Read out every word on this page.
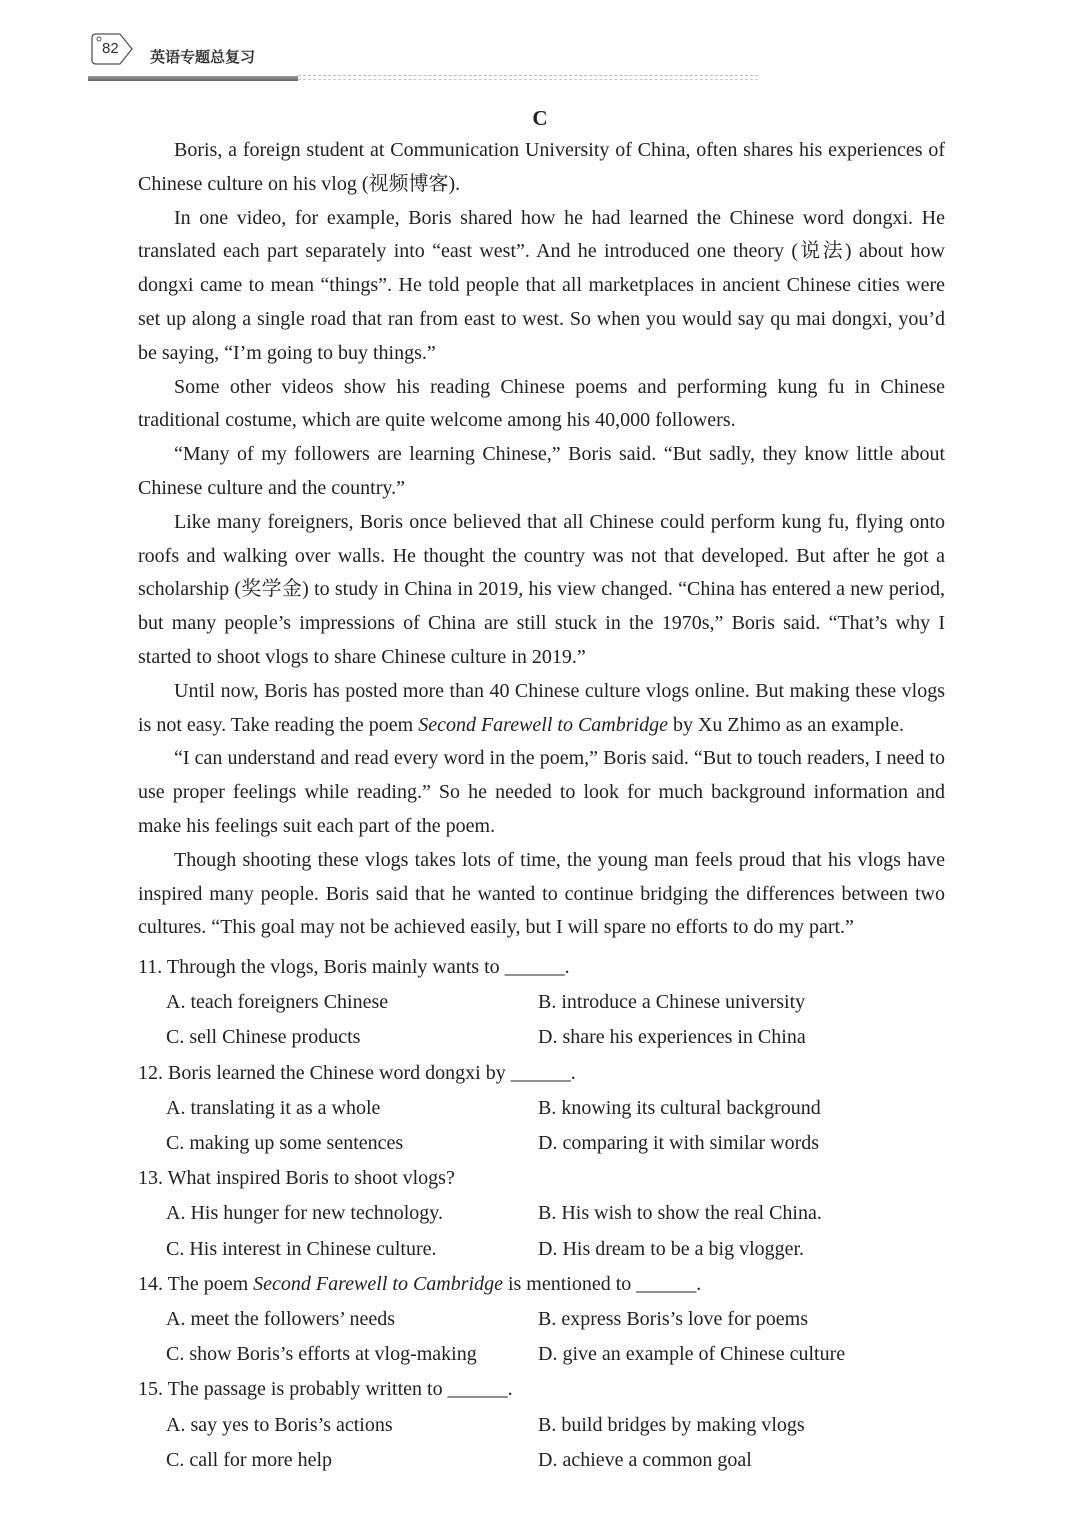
82 英语专题总复习
C

Boris, a foreign student at Communication University of China, often shares his experiences of Chinese culture on his vlog (视频博客).

In one video, for example, Boris shared how he had learned the Chinese word dongxi. He translated each part separately into “east west”. And he introduced one theory (说法) about how dongxi came to mean “things”. He told people that all marketplaces in ancient Chinese cities were set up along a single road that ran from east to west. So when you would say qu mai dongxi, you’d be saying, “I’m going to buy things.”

Some other videos show his reading Chinese poems and performing kung fu in Chinese traditional costume, which are quite welcome among his 40,000 followers.

“Many of my followers are learning Chinese,” Boris said. “But sadly, they know little about Chinese culture and the country.”

Like many foreigners, Boris once believed that all Chinese could perform kung fu, flying onto roofs and walking over walls. He thought the country was not that developed. But after he got a scholarship (奖学金) to study in China in 2019, his view changed. “China has entered a new period, but many people’s impressions of China are still stuck in the 1970s,” Boris said. “That’s why I started to shoot vlogs to share Chinese culture in 2019.”

Until now, Boris has posted more than 40 Chinese culture vlogs online. But making these vlogs is not easy. Take reading the poem Second Farewell to Cambridge by Xu Zhimo as an example.

“I can understand and read every word in the poem,” Boris said. “But to touch readers, I need to use proper feelings while reading.” So he needed to look for much background information and make his feelings suit each part of the poem.

Though shooting these vlogs takes lots of time, the young man feels proud that his vlogs have inspired many people. Boris said that he wanted to continue bridging the differences between two cultures. “This goal may not be achieved easily, but I will spare no efforts to do my part.”

11. Through the vlogs, Boris mainly wants to ______.

A. teach foreigners Chinese	B. introduce a Chinese university
C. sell Chinese products	D. share his experiences in China

12. Boris learned the Chinese word dongxi by ______.

A. translating it as a whole	B. knowing its cultural background
C. making up some sentences	D. comparing it with similar words

13. What inspired Boris to shoot vlogs?

A. His hunger for new technology.	B. His wish to show the real China.
C. His interest in Chinese culture.	D. His dream to be a big vlogger.

14. The poem Second Farewell to Cambridge is mentioned to ______.

A. meet the followers’ needs	B. express Boris’s love for poems
C. show Boris’s efforts at vlog-making	D. give an example of Chinese culture

15. The passage is probably written to ______.

A. say yes to Boris’s actions	B. build bridges by making vlogs
C. call for more help	D. achieve a common goal
